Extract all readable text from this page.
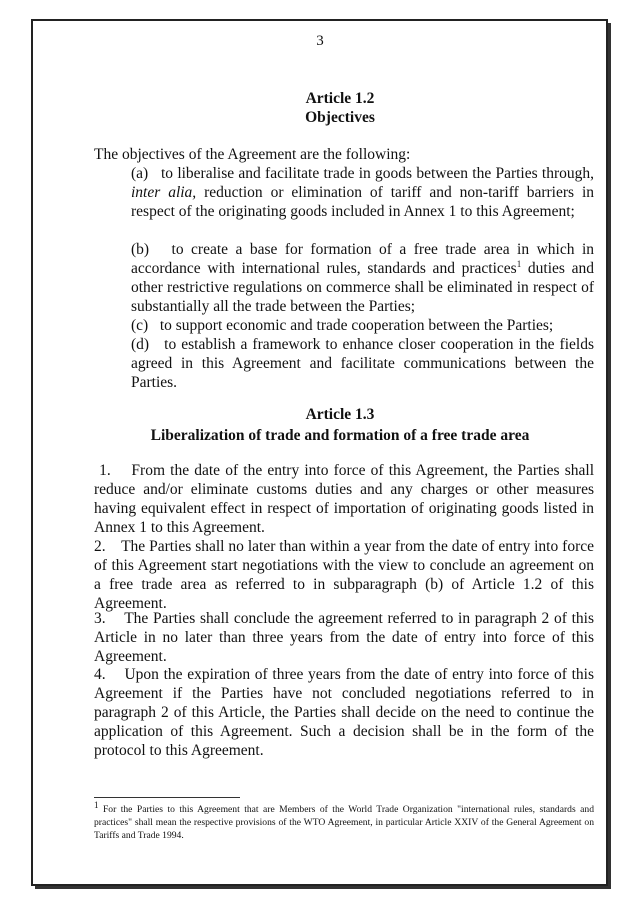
3
Article 1.2
Objectives
The objectives of the Agreement are the following:
(a) to liberalise and facilitate trade in goods between the Parties through, inter alia, reduction or elimination of tariff and non-tariff barriers in respect of the originating goods included in Annex 1 to this Agreement;
(b) to create a base for formation of a free trade area in which in accordance with international rules, standards and practices$^1$ duties and other restrictive regulations on commerce shall be eliminated in respect of substantially all the trade between the Parties;
(c) to support economic and trade cooperation between the Parties;
(d) to establish a framework to enhance closer cooperation in the fields agreed in this Agreement and facilitate communications between the Parties.
Article 1.3
Liberalization of trade and formation of a free trade area
1. From the date of the entry into force of this Agreement, the Parties shall reduce and/or eliminate customs duties and any charges or other measures having equivalent effect in respect of importation of originating goods listed in Annex 1 to this Agreement.
2. The Parties shall no later than within a year from the date of entry into force of this Agreement start negotiations with the view to conclude an agreement on a free trade area as referred to in subparagraph (b) of Article 1.2 of this Agreement.
3. The Parties shall conclude the agreement referred to in paragraph 2 of this Article in no later than three years from the date of entry into force of this Agreement.
4. Upon the expiration of three years from the date of entry into force of this Agreement if the Parties have not concluded negotiations referred to in paragraph 2 of this Article, the Parties shall decide on the need to continue the application of this Agreement. Such a decision shall be in the form of the protocol to this Agreement.
$^1$ For the Parties to this Agreement that are Members of the World Trade Organization "international rules, standards and practices" shall mean the respective provisions of the WTO Agreement, in particular Article XXIV of the General Agreement on Tariffs and Trade 1994.
